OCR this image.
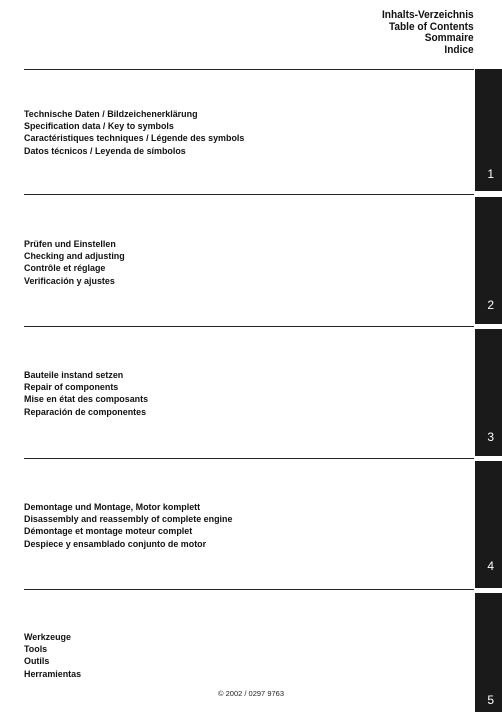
Inhalts-Verzeichnis
Table of Contents
Sommaire
Indice
1
Technische Daten / Bildzeichenerklärung
Specification data / Key to symbols
Caractéristiques techniques / Légende des symbols
Datos técnicos / Leyenda de símbolos
2
Prüfen und Einstellen
Checking and adjusting
Contrôle et réglage
Verificación y ajustes
3
Bauteile instand setzen
Repair of components
Mise en état des composants
Reparación de componentes
4
Demontage und Montage, Motor komplett
Disassembly and reassembly of complete engine
Démontage et montage moteur complet
Despiece y ensamblado conjunto de motor
5
Werkzeuge
Tools
Outils
Herramientas
© 2002 / 0297 9763
